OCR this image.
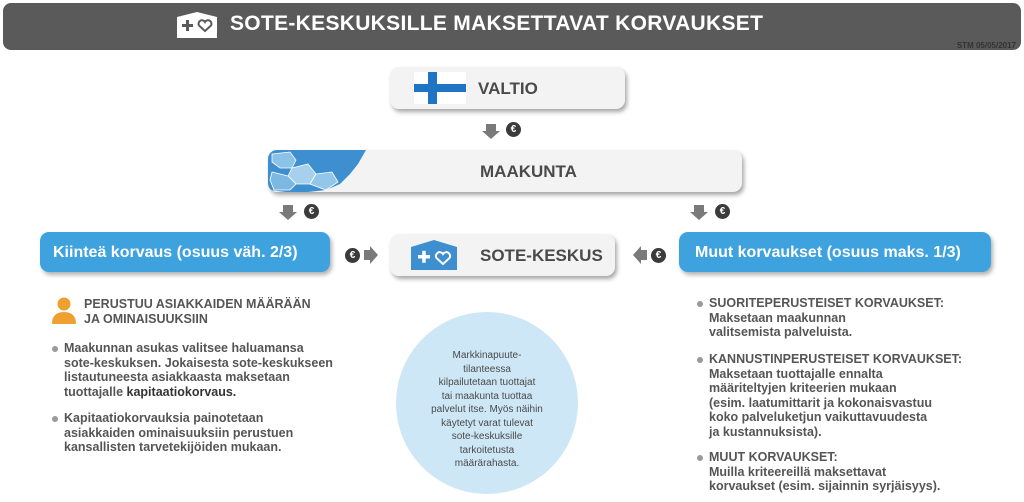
SOTE-KESKUKSILLE MAKSETTAVAT KORVAUKSET
STM 05/05/2017
VALTIO
€
MAAKUNTA
€	€
Kiinteä korvaus (osuus väh. 2/3)	SOTE-KESKUS
€	€ Muut korvaukset (osuus maks. 1/3)
PERUSTUU ASIAKKAIDEN MÄÄRÄÄN
JA OMINAISUUKSIIN
Maakunnan asukas valitsee haluamansa
sote-keskuksen. Jokaisesta sote-keskukseen
listautuneesta asiakkaasta maksetaan
tuottajalle kapitaatiokorvaus.
Kapitaatiokorvauksia painotetaan
asiakkaiden ominaisuuksiin perustuen
kansallisten tarvetekijöiden mukaan.
Markkinapuute-
tilanteessa
kilpailutetaan tuottajat
tai maakunta tuottaa
palvelut itse. Myös näihin
käytetyt varat tulevat
sote-keskuksille
tarkoitetusta
määrärahasta.
SUORITEPERUSTEISET KORVAUKSET:
Maksetaan maakunnan
valitsemista palveluista.
KANNUSTINPERUSTEISET KORVAUKSET:
Maksetaan tuottajalle ennalta
määriteltyjen kriteerien mukaan
(esim. laatumittarit ja kokonaisvastuu
koko palveluketjun vaikuttavuudesta
ja kustannuksista).
MUUT KORVAUKSET:
Muilla kriteereillä maksettavat
korvaukset (esim. sijainnin syrjäisyys).
